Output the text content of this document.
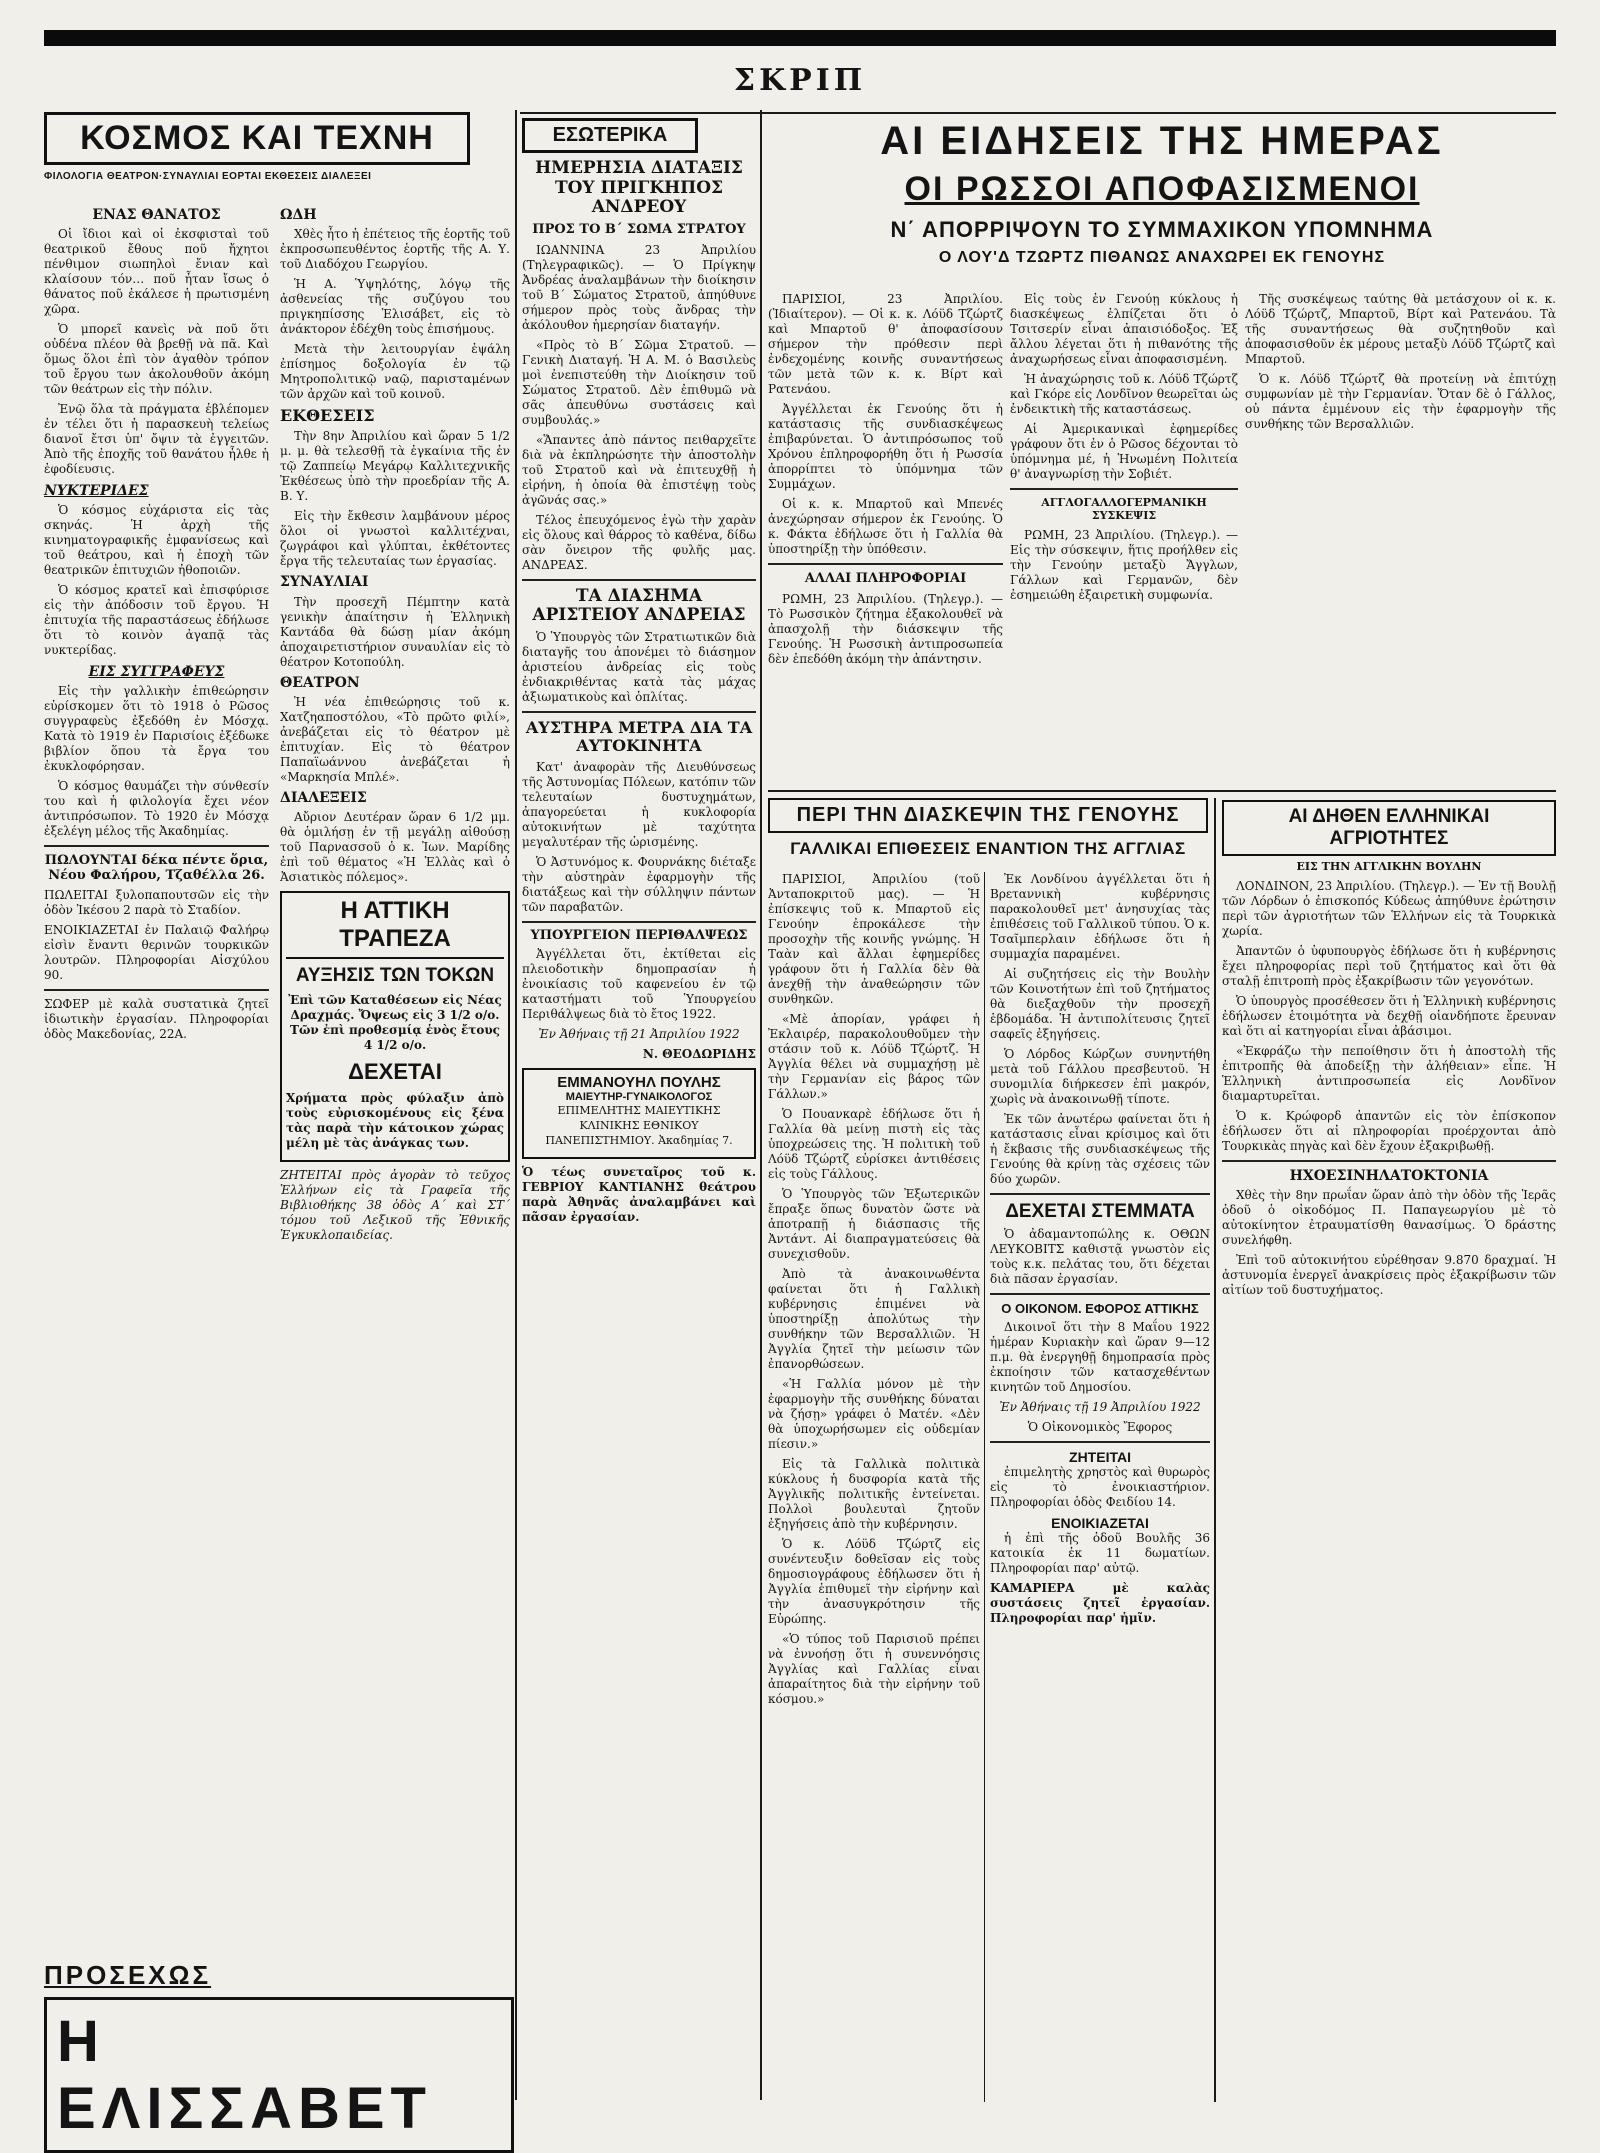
ΣΚΡΙΠ
ΚΟΣΜΟΣ ΚΑΙ ΤΕΧΝΗ
ΦΙΛΟΛΟΓΙΑ ΘΕΑΤΡΟΝ·ΣΥΝΑΥΛΙΑΙ ΕΟΡΤΑΙ ΕΚΘΕΣΕΙΣ ΔΙΑΛΕΞΕΙ
ΕΝΑΣ ΘΑΝΑΤΟΣ

Οἱ ἴδιοι καὶ οἱ ἐκσφισταὶ τοῦ θεατρικοῦ ἔθους ποῦ ἤχητοι πένθιμον σιωπηλοὶ ἔνιαν καὶ κλαίσουν τόν… ποῦ ἦταν ἴσως ὁ θάνατος ποῦ ἐκάλεσε ἡ πρωτισμένη χῶρα.

Ὁ μπορεῖ κανεὶς νὰ ποῦ ὅτι οὐδένα πλέον θὰ βρεθῇ νὰ πᾶ. Καὶ ὅμως ὅλοι ἐπὶ τὸν ἀγαθὸν τρόπον τοῦ ἔργου των ἀκολουθοῦν ἀκόμη τῶν θεάτρων εἰς τὴν πόλιν.

Ἐνῷ ὅλα τὰ πράγματα ἐβλέπομεν ἐν τέλει ὅτι ἡ παρασκευὴ τελείως διανοῖ ἔτσι ὑπ' ὄψιν τὰ ἐγγειτῶν. Ἀπὸ τῆς ἐποχῆς τοῦ θανάτου ἦλθε ἡ ἐφοδίευσις.

ΝΥΚΤΕΡΙΔΕΣ

Ὁ κόσμος εὐχάριστα εἰς τὰς σκηνάς. Ἡ ἀρχὴ τῆς κινηματογραφικῆς ἐμφανίσεως καὶ τοῦ θεάτρου, καὶ ἡ ἐποχὴ τῶν θεατρικῶν ἐπιτυχιῶν ἠθοποιῶν.

Ὁ κόσμος κρατεῖ καὶ ἐπισφύρισε εἰς τὴν ἀπόδοσιν τοῦ ἔργου. Ἡ ἐπιτυχία τῆς παραστάσεως ἐδήλωσε ὅτι τὸ κοινὸν ἀγαπᾷ τὰς νυκτερίδας.

ΕΙΣ ΣΥΓΓΡΑΦΕΥΣ

Εἰς τὴν γαλλικὴν ἐπιθεώρησιν εὑρίσκομεν ὅτι τὸ 1918 ὁ Ρῶσος συγγραφεὺς ἐξεδόθη ἐν Μόσχᾳ. Κατὰ τὸ 1919 ἐν Παρισίοις ἐξέδωκε βιβλίον ὅπου τὰ ἔργα του ἐκυκλοφόρησαν.

Ὁ κόσμος θαυμάζει τὴν σύνθεσίν του καὶ ἡ φιλολογία ἔχει νέον ἀντιπρόσωπον. Τὸ 1920 ἐν Μόσχᾳ ἐξελέγη μέλος τῆς Ἀκαδημίας.

ΠΩΛΟΥΝΤΑΙ δέκα πέντε ὅρια, Νέου Φαλήρου, Τζαθέλλα 26.

ΠΩΛΕΙΤΑΙ ξυλοπαπουτσῶν εἰς τὴν ὁδὸν Ἱκέσου 2 παρὰ τὸ Σταδίον.

ΕΝΟΙΚΙΑΖΕΤΑΙ ἐν Παλαιῷ Φαλήρῳ εἰσὶν ἔναντι θερινῶν τουρκικῶν λουτρῶν. Πληροφορίαι Αἰσχύλου 90.

ΣΩΦΕΡ μὲ καλὰ συστατικὰ ζητεῖ ἰδιωτικὴν ἐργασίαν. Πληροφορίαι ὁδὸς Μακεδονίας, 22Α.

ΠΡΟΣΕΧΩΣ
Η ΕΛΙΣΣΑΒΕΤ
ΩΔΗ

Χθὲς ἦτο ἡ ἐπέτειος τῆς ἑορτῆς τοῦ ἐκπροσωπευθέντος ἑορτῆς τῆς Α. Υ. τοῦ Διαδόχου Γεωργίου.

Ἡ Α. Ὑψηλότης, λόγῳ τῆς ἀσθενείας τῆς συζύγου του πριγκηπίσσης Ἐλισάβετ, εἰς τὸ ἀνάκτορον ἐδέχθη τοὺς ἐπισήμους.

Μετὰ τὴν λειτουργίαν ἐψάλη ἐπίσημος δοξολογία ἐν τῷ Μητροπολιτικῷ ναῷ, παρισταμένων τῶν ἀρχῶν καὶ τοῦ κοινοῦ.

ΕΚΘΕΣΕΙΣ

Τὴν 8ην Ἀπριλίου καὶ ὥραν 5 1/2 μ. μ. θὰ τελεσθῇ τὰ ἐγκαίνια τῆς ἐν τῷ Ζαππείῳ Μεγάρῳ Καλλιτεχνικῆς Ἐκθέσεως ὑπὸ τὴν προεδρίαν τῆς Α. Β. Υ.

Εἰς τὴν ἔκθεσιν λαμβάνουν μέρος ὅλοι οἱ γνωστοὶ καλλιτέχναι, ζωγράφοι καὶ γλύπται, ἐκθέτοντες ἔργα τῆς τελευταίας των ἐργασίας.

ΣΥΝΑΥΛΙΑΙ

Τὴν προσεχῆ Πέμπτην κατὰ γενικὴν ἀπαίτησιν ἡ Ἑλληνικὴ Καντάδα θὰ δώσῃ μίαν ἀκόμη ἀποχαιρετιστήριον συναυλίαν εἰς τὸ θέατρον Κοτοπούλη.

ΘΕΑΤΡΟΝ

Ἡ νέα ἐπιθεώρησις τοῦ κ. Χατζηαποστόλου, «Τὸ πρῶτο φιλί», ἀνεβάζεται εἰς τὸ θέατρον μὲ ἐπιτυχίαν. Εἰς τὸ θέατρον Παπαϊωάννου ἀνεβάζεται ἡ «Μαρκησία Μπλέ».

ΔΙΑΛΕΞΕΙΣ

Αὔριον Δευτέραν ὥραν 6 1/2 μμ. θὰ ὁμιλήσῃ ἐν τῇ μεγάλῃ αἰθούσῃ τοῦ Παρνασσοῦ ὁ κ. Ἰων. Μαρίδης ἐπὶ τοῦ θέματος «Ἡ Ἑλλὰς καὶ ὁ Ἀσιατικὸς πόλεμος».

Η ΑΤΤΙΚΗ ΤΡΑΠΕΖΑ
ΑΥΞΗΣΙΣ ΤΩΝ ΤΟΚΩΝ

Ἐπὶ τῶν Καταθέσεων εἰς Νέας Δραχμάς. Ὄψεως εἰς 3 1/2 ο/ο. Τῶν ἐπὶ προθεσμίᾳ ἑνὸς ἔτους 4 1/2 ο/ο.

ΔΕΧΕΤΑΙ

Χρήματα πρὸς φύλαξιν ἀπὸ τοὺς εὐρισκομένους εἰς ξένα τὰς παρὰ τὴν κάτοικον χώρας μέλη μὲ τὰς ἀνάγκας των.

ΖΗΤΕΙΤΑΙ πρὸς ἀγορὰν τὸ τεῦχος Ἑλλήνων εἰς τὰ Γραφεῖα τῆς Βιβλιοθήκης 38 ὁδὸς Α΄ καὶ ΣΤ΄ τόμου τοῦ Λεξικοῦ τῆς Ἐθνικῆς Ἐγκυκλοπαιδείας.

ΕΣΩΤΕΡΙΚΑ
ΗΜΕΡΗΣΙΑ ΔΙΑΤΑΞΙΣ ΤΟΥ ΠΡΙΓΚΗΠΟΣ ΑΝΔΡΕΟΥ
ΠΡΟΣ ΤΟ Β΄ ΣΩΜΑ ΣΤΡΑΤΟΥ

ΙΩΑΝΝΙΝΑ 23 Ἀπριλίου (Τηλεγραφικῶς). — Ὁ Πρίγκηψ Ἀνδρέας ἀναλαμβάνων τὴν διοίκησιν τοῦ Β΄ Σώματος Στρατοῦ, ἀπηύθυνε σήμερον πρὸς τοὺς ἄνδρας τὴν ἀκόλουθον ἡμερησίαν διαταγήν.

«Πρὸς τὸ Β΄ Σῶμα Στρατοῦ. — Γενικὴ Διαταγή. Ἡ Α. Μ. ὁ Βασιλεὺς μοὶ ἐνεπιστεύθη τὴν Διοίκησιν τοῦ Σώματος Στρατοῦ. Δὲν ἐπιθυμῶ νὰ σᾶς ἀπευθύνω συστάσεις καὶ συμβουλάς.»

«Ἅπαντες ἀπὸ πάντος πειθαρχεῖτε διὰ νὰ ἐκπληρώσητε τὴν ἀποστολὴν τοῦ Στρατοῦ καὶ νὰ ἐπιτευχθῇ ἡ εἰρήνη, ἡ ὁποία θὰ ἐπιστέψῃ τοὺς ἀγῶνάς σας.»

Τέλος ἐπευχόμενος ἐγὼ τὴν χαρὰν εἰς ὅλους καὶ θάρρος τὸ καθένα, δίδω σὰν ὄνειρον τῆς φυλῆς μας. ΑΝΔΡΕΑΣ.

ΤΑ ΔΙΑΣΗΜΑ ΑΡΙΣΤΕΙΟΥ ΑΝΔΡΕΙΑΣ

Ὁ Ὑπουργὸς τῶν Στρατιωτικῶν διὰ διαταγῆς του ἀπονέμει τὸ διάσημον ἀριστείου ἀνδρείας εἰς τοὺς ἐνδιακριθέντας κατὰ τὰς μάχας ἀξιωματικοὺς καὶ ὁπλίτας.

ΑΥΣΤΗΡΑ ΜΕΤΡΑ ΔΙΑ ΤΑ ΑΥΤΟΚΙΝΗΤΑ

Κατ' ἀναφορὰν τῆς Διευθύνσεως τῆς Ἀστυνομίας Πόλεων, κατόπιν τῶν τελευταίων δυστυχημάτων, ἀπαγορεύεται ἡ κυκλοφορία αὐτοκινήτων μὲ ταχύτητα μεγαλυτέραν τῆς ὡρισμένης.

Ὁ Ἀστυνόμος κ. Φουρνάκης διέταξε τὴν αὐστηρὰν ἐφαρμογὴν τῆς διατάξεως καὶ τὴν σύλληψιν πάντων τῶν παραβατῶν.

ΥΠΟΥΡΓΕΙΟΝ ΠΕΡΙΘΑΛΨΕΩΣ

Ἀγγέλλεται ὅτι, ἐκτίθεται εἰς πλειοδοτικὴν δημοπρασίαν ἡ ἐνοικίασις τοῦ καφενείου ἐν τῷ καταστήματι τοῦ Ὑπουργείου Περιθάλψεως διὰ τὸ ἔτος 1922.

Ἐν Ἀθήναις τῇ 21 Ἀπριλίου 1922

Ν. ΘΕΟΔΩΡΙΔΗΣ

ΕΜΜΑΝΟΥΗΛ ΠΟΥΛΗΣ
ΜΑΙΕΥΤΗΡ-ΓΥΝΑΙΚΟΛΟΓΟΣ

ΕΠΙΜΕΛΗΤΗΣ ΜΑΙΕΥΤΙΚΗΣ ΚΛΙΝΙΚΗΣ ΕΘΝΙΚΟΥ ΠΑΝΕΠΙΣΤΗΜΙΟΥ. Ἀκαδημίας 7.

Ὁ τέως συνεταῖρος τοῦ κ. ΓΕΒΡΙΟΥ ΚΑΝΤΙΑΝΗΣ θεάτρου παρὰ Ἀθηνᾶς ἀναλαμβάνει καὶ πᾶσαν ἐργασίαν.

ΑΙ ΕΙΔΗΣΕΙΣ ΤΗΣ ΗΜΕΡΑΣ
ΟΙ ΡΩΣΣΟΙ ΑΠΟΦΑΣΙΣΜΕΝΟΙ
Ν΄ ΑΠΟΡΡΙΨΟΥΝ ΤΟ ΣΥΜΜΑΧΙΚΟΝ ΥΠΟΜΝΗΜΑ
Ο ΛΟΥ'Δ ΤΖΩΡΤΖ ΠΙΘΑΝΩΣ ΑΝΑΧΩΡΕΙ ΕΚ ΓΕΝΟΥΗΣ

ΠΑΡΙΣΙΟΙ, 23 Ἀπριλίου. (Ἰδιαίτερον). — Οἱ κ. κ. Λόϋδ Τζώρτζ καὶ Μπαρτοῦ θ' ἀποφασίσουν σήμερον τὴν πρόθεσιν περὶ ἐνδεχομένης κοινῆς συναντήσεως τῶν μετὰ τῶν κ. κ. Βίρτ καὶ Ρατενάου.

Ἀγγέλλεται ἐκ Γενούης ὅτι ἡ κατάστασις τῆς συνδιασκέψεως ἐπιβαρύνεται. Ὁ ἀντιπρόσωπος τοῦ Χρόνου ἐπληροφορήθη ὅτι ἡ Ρωσσία ἀπορρίπτει τὸ ὑπόμνημα τῶν Συμμάχων.

Οἱ κ. κ. Μπαρτοῦ καὶ Μπενές ἀνεχώρησαν σήμερον ἐκ Γενούης. Ὁ κ. Φάκτα ἐδήλωσε ὅτι ἡ Γαλλία θὰ ὑποστηρίξῃ τὴν ὑπόθεσιν.

ΑΛΛΑΙ ΠΛΗΡΟΦΟΡΙΑΙ

ΡΩΜΗ, 23 Ἀπριλίου. (Τηλεγρ.). — Τὸ Ρωσσικὸν ζήτημα ἐξακολουθεῖ νὰ ἀπασχολῇ τὴν διάσκεψιν τῆς Γενούης. Ἡ Ρωσσικὴ ἀντιπροσωπεία δὲν ἐπεδόθη ἀκόμη τὴν ἀπάντησιν.

Εἰς τοὺς ἐν Γενούῃ κύκλους ἡ διασκέψεως ἐλπίζεται ὅτι ὁ Τσιτσερίν εἶναι ἀπαισιόδοξος. Ἐξ ἄλλου λέγεται ὅτι ἡ πιθανότης τῆς ἀναχωρήσεως εἶναι ἀποφασισμένη.

Ἡ ἀναχώρησις τοῦ κ. Λόϋδ Τζώρτζ καὶ Γκόρε εἰς Λονδῖνον θεωρεῖται ὡς ἐνδεικτικὴ τῆς καταστάσεως.

Αἱ Ἀμερικανικαὶ ἐφημερίδες γράφουν ὅτι ἐν ὁ Ρῶσος δέχονται τὸ ὑπόμνημα μέ, ἡ Ἡνωμένη Πολιτεία θ' ἀναγνωρίσῃ τὴν Σοβιέτ.

ΑΓΓΛΟΓΑΛΛΟΓΕΡΜΑΝΙΚΗ ΣΥΣΚΕΨΙΣ

ΡΩΜΗ, 23 Ἀπριλίου. (Τηλεγρ.). — Εἰς τὴν σύσκεψιν, ἥτις προήλθεν εἰς τὴν Γενούην μεταξὺ Ἄγγλων, Γάλλων καὶ Γερμανῶν, δὲν ἐσημειώθη ἐξαιρετικὴ συμφωνία.

Τῆς συσκέψεως ταύτης θὰ μετάσχουν οἱ κ. κ. Λόϋδ Τζώρτζ, Μπαρτοῦ, Βίρτ καὶ Ρατενάου. Τὰ τῆς συναντήσεως θὰ συζητηθοῦν καὶ ἀποφασισθοῦν ἐκ μέρους μεταξὺ Λόϋδ Τζώρτζ καὶ Μπαρτοῦ.

Ὁ κ. Λόϋδ Τζώρτζ θὰ προτείνῃ νὰ ἐπιτύχῃ συμφωνίαν μὲ τὴν Γερμανίαν. Ὅταν δὲ ὁ Γάλλος, οὐ πάντα ἐμμένουν εἰς τὴν ἐφαρμογὴν τῆς συνθήκης τῶν Βερσαλλιῶν.

ΠΕΡΙ ΤΗΝ ΔΙΑΣΚΕΨΙΝ ΤΗΣ ΓΕΝΟΥΗΣ
ΓΑΛΛΙΚΑΙ ΕΠΙΘΕΣΕΙΣ ΕΝΑΝΤΙΟΝ ΤΗΣ ΑΓΓΛΙΑΣ

ΠΑΡΙΣΙΟΙ, Ἀπριλίου (τοῦ Ἀνταποκριτοῦ μας). — Ἡ ἐπίσκεψις τοῦ κ. Μπαρτοῦ εἰς Γενούην ἐπροκάλεσε τὴν προσοχὴν τῆς κοινῆς γνώμης. Ἡ Ταὰν καὶ ἄλλαι ἐφημερίδες γράφουν ὅτι ἡ Γαλλία δὲν θὰ ἀνεχθῇ τὴν ἀναθεώρησιν τῶν συνθηκῶν.

«Μὲ ἀπορίαν, γράφει ἡ Ἐκλαιρέρ, παρακολουθοῦμεν τὴν στάσιν τοῦ κ. Λόϋδ Τζώρτζ. Ἡ Ἀγγλία θέλει νὰ συμμαχήσῃ μὲ τὴν Γερμανίαν εἰς βάρος τῶν Γάλλων.»

Ὁ Πουανκαρὲ ἐδήλωσε ὅτι ἡ Γαλλία θὰ μείνῃ πιστὴ εἰς τὰς ὑποχρεώσεις της. Ἡ πολιτικὴ τοῦ Λόϋδ Τζώρτζ εὑρίσκει ἀντιθέσεις εἰς τοὺς Γάλλους.

Ὁ Ὑπουργὸς τῶν Ἐξωτερικῶν ἔπραξε ὅπως δυνατὸν ὥστε νὰ ἀποτραπῇ ἡ διάσπασις τῆς Ἀντάντ. Αἱ διαπραγματεύσεις θὰ συνεχισθοῦν.

Ἀπὸ τὰ ἀνακοινωθέντα φαίνεται ὅτι ἡ Γαλλικὴ κυβέρνησις ἐπιμένει νὰ ὑποστηρίξῃ ἀπολύτως τὴν συνθήκην τῶν Βερσαλλιῶν. Ἡ Ἀγγλία ζητεῖ τὴν μείωσιν τῶν ἐπανορθώσεων.

«Ἡ Γαλλία μόνον μὲ τὴν ἐφαρμογὴν τῆς συνθήκης δύναται νὰ ζήσῃ» γράφει ὁ Ματέν. «Δὲν θὰ ὑποχωρήσωμεν εἰς οὐδεμίαν πίεσιν.»

Εἰς τὰ Γαλλικὰ πολιτικὰ κύκλους ἡ δυσφορία κατὰ τῆς Ἀγγλικῆς πολιτικῆς ἐντείνεται. Πολλοὶ βουλευταὶ ζητοῦν ἐξηγήσεις ἀπὸ τὴν κυβέρνησιν.

Ὁ κ. Λόϋδ Τζώρτζ εἰς συνέντευξιν δοθεῖσαν εἰς τοὺς δημοσιογράφους ἐδήλωσεν ὅτι ἡ Ἀγγλία ἐπιθυμεῖ τὴν εἰρήνην καὶ τὴν ἀνασυγκρότησιν τῆς Εὐρώπης.

«Ὁ τύπος τοῦ Παρισιοῦ πρέπει νὰ ἐννοήσῃ ὅτι ἡ συνεννόησις Ἀγγλίας καὶ Γαλλίας εἶναι ἀπαραίτητος διὰ τὴν εἰρήνην τοῦ κόσμου.»

Ἐκ Λονδίνου ἀγγέλλεται ὅτι ἡ Βρεταννικὴ κυβέρνησις παρακολουθεῖ μετ' ἀνησυχίας τὰς ἐπιθέσεις τοῦ Γαλλικοῦ τύπου. Ὁ κ. Τσαῖμπερλαιν ἐδήλωσε ὅτι ἡ συμμαχία παραμένει.

Αἱ συζητήσεις εἰς τὴν Βουλὴν τῶν Κοινοτήτων ἐπὶ τοῦ ζητήματος θὰ διεξαχθοῦν τὴν προσεχῆ ἑβδομάδα. Ἡ ἀντιπολίτευσις ζητεῖ σαφεῖς ἐξηγήσεις.

Ὁ Λόρδος Κώρζων συνηντήθη μετὰ τοῦ Γάλλου πρεσβευτοῦ. Ἡ συνομιλία διήρκεσεν ἐπὶ μακρόν, χωρὶς νὰ ἀνακοινωθῇ τίποτε.

Ἐκ τῶν ἀνωτέρω φαίνεται ὅτι ἡ κατάστασις εἶναι κρίσιμος καὶ ὅτι ἡ ἔκβασις τῆς συνδιασκέψεως τῆς Γενούης θὰ κρίνῃ τὰς σχέσεις τῶν δύο χωρῶν.

ΔΕΧΕΤΑΙ ΣΤΕΜΜΑΤΑ

Ὁ ἀδαμαντοπώλης κ. ΟΘΩΝ ΛΕΥΚΟΒΙΤΣ καθιστᾷ γνωστὸν εἰς τοὺς κ.κ. πελάτας του, ὅτι δέχεται διὰ πᾶσαν ἐργασίαν.

Ο ΟΙΚΟΝΟΜ. ΕΦΟΡΟΣ ΑΤΤΙΚΗΣ

Δικοινοῖ ὅτι τὴν 8 Μαΐου 1922 ἡμέραν Κυριακὴν καὶ ὥραν 9—12 π.μ. θὰ ἐνεργηθῇ δημοπρασία πρὸς ἐκποίησιν τῶν κατασχεθέντων κινητῶν τοῦ Δημοσίου.

Ἐν Ἀθήναις τῇ 19 Ἀπριλίου 1922

Ὁ Οἰκονομικὸς Ἔφορος

ΖΗΤΕΙΤΑΙ

ἐπιμελητὴς χρηστὸς καὶ θυρωρὸς εἰς τὸ ἐνοικιαστήριον. Πληροφορίαι ὁδὸς Φειδίου 14.

ΕΝΟΙΚΙΑΖΕΤΑΙ

ἡ ἐπὶ τῆς ὁδοῦ Βουλῆς 36 κατοικία ἐκ 11 δωματίων. Πληροφορίαι παρ' αὐτῷ.

ΚΑΜΑΡΙΕΡΑ μὲ καλὰς συστάσεις ζητεῖ ἐργασίαν. Πληροφορίαι παρ' ἡμῖν.

ΑΙ ΔΗΘΕΝ ΕΛΛΗΝΙΚΑΙ ΑΓΡΙΟΤΗΤΕΣ
ΕΙΣ ΤΗΝ ΑΓΓΛΙΚΗΝ ΒΟΥΛΗΝ

ΛΟΝΔΙΝΟΝ, 23 Ἀπριλίου. (Τηλεγρ.). — Ἐν τῇ Βουλῇ τῶν Λόρδων ὁ ἐπισκοπός Κύδεως ἀπηύθυνε ἐρώτησιν περὶ τῶν ἀγριοτήτων τῶν Ἑλλήνων εἰς τὰ Τουρκικὰ χωρία.

Ἀπαντῶν ὁ ὑφυπουργὸς ἐδήλωσε ὅτι ἡ κυβέρνησις ἔχει πληροφορίας περὶ τοῦ ζητήματος καὶ ὅτι θὰ σταλῇ ἐπιτροπὴ πρὸς ἐξακρίβωσιν τῶν γεγονότων.

Ὁ ὑπουργὸς προσέθεσεν ὅτι ἡ Ἑλληνικὴ κυβέρνησις ἐδήλωσεν ἑτοιμότητα νὰ δεχθῇ οἱανδήποτε ἔρευναν καὶ ὅτι αἱ κατηγορίαι εἶναι ἀβάσιμοι.

«Ἐκφράζω τὴν πεποίθησιν ὅτι ἡ ἀποστολὴ τῆς ἐπιτροπῆς θὰ ἀποδείξῃ τὴν ἀλήθειαν» εἶπε. Ἡ Ἑλληνικὴ ἀντιπροσωπεία εἰς Λονδῖνον διαμαρτυρεῖται.

Ὁ κ. Κρώφορδ ἀπαντῶν εἰς τὸν ἐπίσκοπον ἐδήλωσεν ὅτι αἱ πληροφορίαι προέρχονται ἀπὸ Τουρκικὰς πηγὰς καὶ δὲν ἔχουν ἐξακριβωθῇ.

ΗΧΟΕΣΙΝΗΛΑΤΟΚΤΟΝΙΑ

Χθὲς τὴν 8ην πρωΐαν ὥραν ἀπὸ τὴν ὁδὸν τῆς Ἱερᾶς ὁδοῦ ὁ οἰκοδόμος Π. Παπαγεωργίου μὲ τὸ αὐτοκίνητον ἐτραυματίσθη θανασίμως. Ὁ δράστης συνελήφθη.

Ἐπὶ τοῦ αὐτοκινήτου εὑρέθησαν 9.870 δραχμαί. Ἡ ἀστυνομία ἐνεργεῖ ἀνακρίσεις πρὸς ἐξακρίβωσιν τῶν αἰτίων τοῦ δυστυχήματος.
